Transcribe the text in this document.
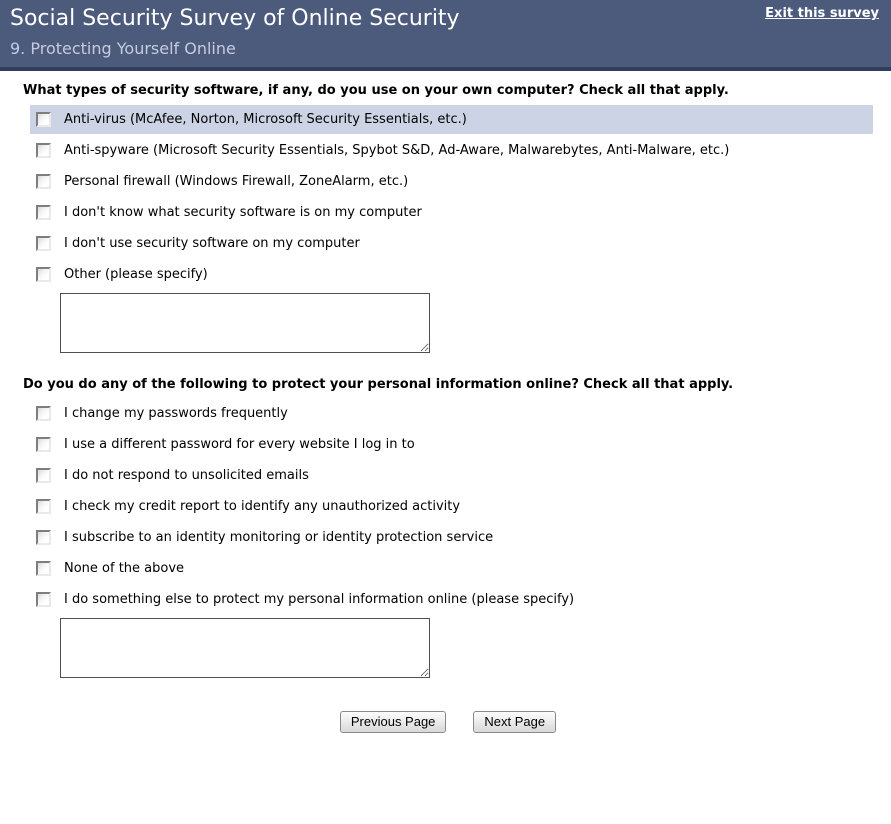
Social Security Survey of Online Security	Exit this survey
9. Protecting Yourself Online
What types of security software, if any, do you use on your own computer? Check all that apply.
Anti-virus (McAfee, Norton, Microsoft Security Essentials, etc.)
Anti-spyware (Microsoft Security Essentials, Spybot S&D, Ad-Aware, Malwarebytes, Anti-Malware, etc.)
Personal firewall (Windows Firewall, ZoneAlarm, etc.)
I don't know what security software is on my computer
I don't use security software on my computer
Other (please specify)
Do you do any of the following to protect your personal information online? Check all that apply.
I change my passwords frequently
I use a different password for every website I log in to
I do not respond to unsolicited emails
I check my credit report to identify any unauthorized activity
I subscribe to an identity monitoring or identity protection service
None of the above
I do something else to protect my personal information online (please specify)
Previous Page	Next Page
